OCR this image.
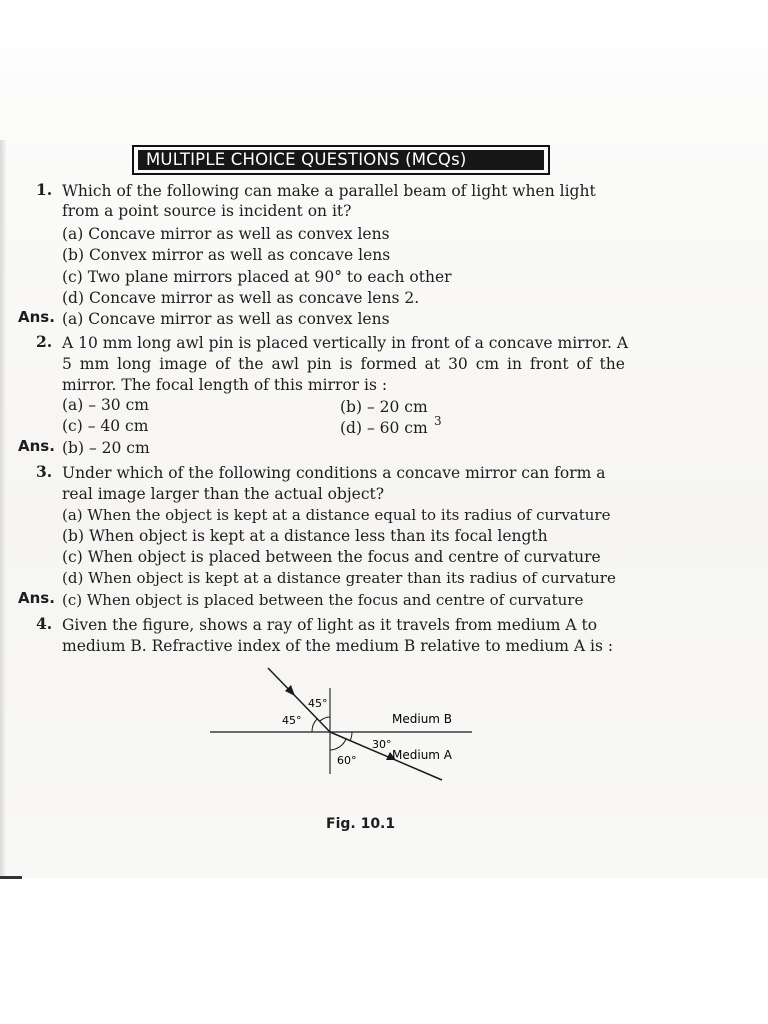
MULTIPLE CHOICE QUESTIONS (MCQs)
1. Which of the following can make a parallel beam of light when light
from a point source is incident on it?
(a) Concave mirror as well as convex lens
(b) Convex mirror as well as concave lens
(c) Two plane mirrors placed at 90° to each other
(d) Concave mirror as well as concave lens 2.
Ans. (a) Concave mirror as well as convex lens
2. A 10 mm long awl pin is placed vertically in front of a concave mirror. A
5 mm long image of the awl pin is formed at 30 cm in front of the
mirror. The focal length of this mirror is :
(a) – 30 cm	(b) – 20 cm
(c) – 40 cm	(d) – 60 cm 3
Ans. (b) – 20 cm
3. Under which of the following conditions a concave mirror can form a
real image larger than the actual object?
(a) When the object is kept at a distance equal to its radius of curvature
(b) When object is kept at a distance less than its focal length
(c) When object is placed between the focus and centre of curvature
(d) When object is kept at a distance greater than its radius of curvature
Ans. (c) When object is placed between the focus and centre of curvature
4. Given the figure, shows a ray of light as it travels from medium A to
medium B. Refractive index of the medium B relative to medium A is :
45°
45°
30°
60°
Medium B
Medium A
Fig. 10.1
